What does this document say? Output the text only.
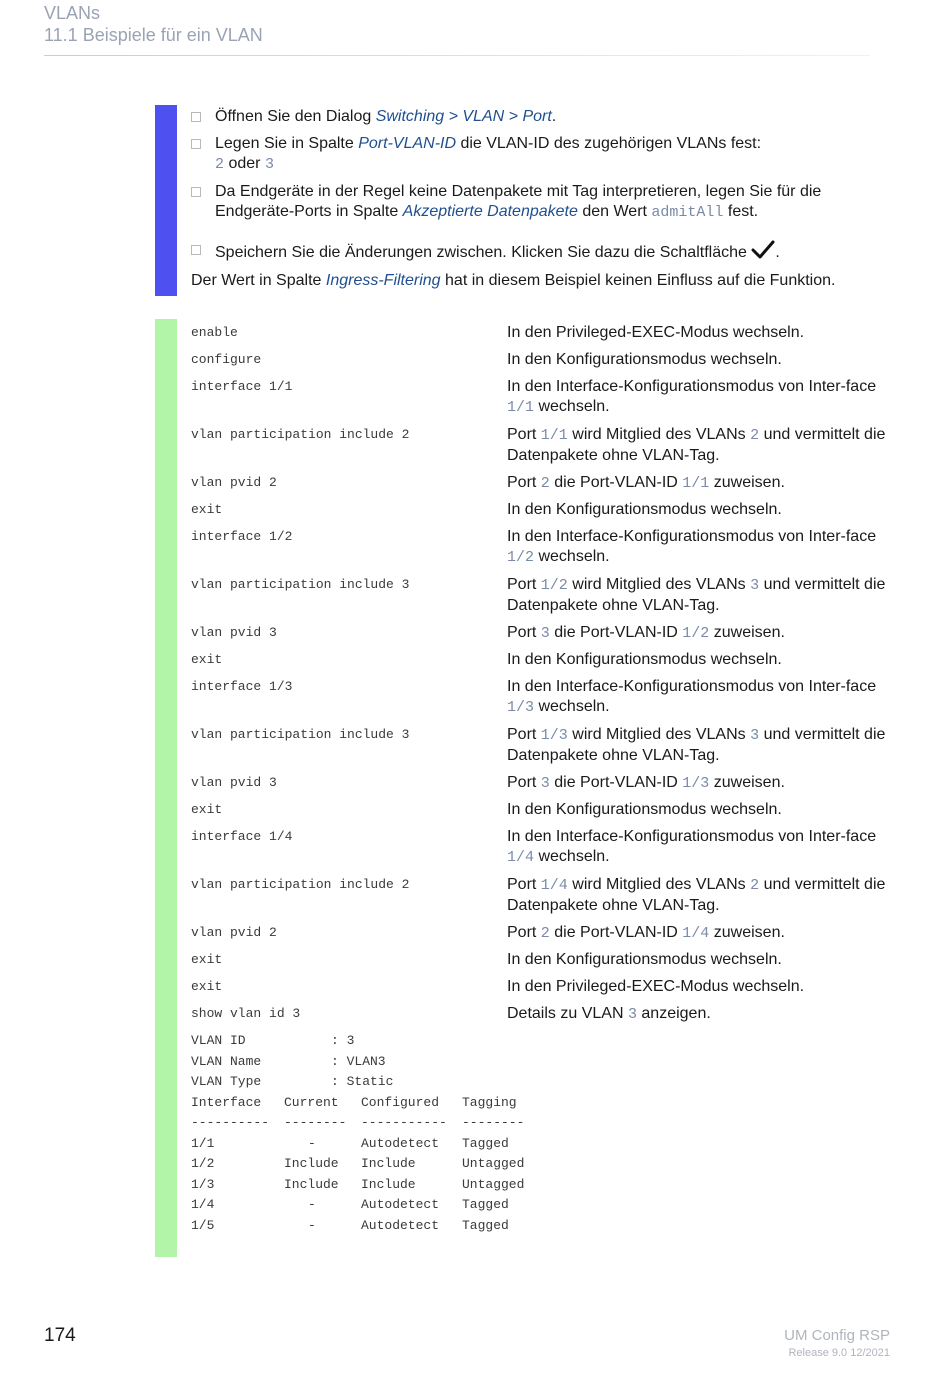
VLANs
11.1 Beispiele für ein VLAN
Öffnen Sie den Dialog Switching > VLAN > Port.
Legen Sie in Spalte Port-VLAN-ID die VLAN-ID des zugehörigen VLANs fest:
2 oder 3
Da Endgeräte in der Regel keine Datenpakete mit Tag interpretieren, legen Sie für die Endgeräte-Ports in Spalte Akzeptierte Datenpakete den Wert admitAll fest.
Speichern Sie die Änderungen zwischen. Klicken Sie dazu die Schaltfläche .
Der Wert in Spalte Ingress-Filtering hat in diesem Beispiel keinen Einfluss auf die Funktion.
enable	In den Privileged-EXEC-Modus wechseln.
configure	In den Konfigurationsmodus wechseln.
interface 1/1	In den Interface-Konfigurationsmodus von Inter-face 1/1 wechseln.
vlan participation include 2	Port 1/1 wird Mitglied des VLANs 2 und vermittelt die Datenpakete ohne VLAN-Tag.
vlan pvid 2	Port 2 die Port-VLAN-ID 1/1 zuweisen.
exit	In den Konfigurationsmodus wechseln.
interface 1/2	In den Interface-Konfigurationsmodus von Inter-face 1/2 wechseln.
vlan participation include 3	Port 1/2 wird Mitglied des VLANs 3 und vermittelt die Datenpakete ohne VLAN-Tag.
vlan pvid 3	Port 3 die Port-VLAN-ID 1/2 zuweisen.
exit	In den Konfigurationsmodus wechseln.
interface 1/3	In den Interface-Konfigurationsmodus von Inter-face 1/3 wechseln.
vlan participation include 3	Port 1/3 wird Mitglied des VLANs 3 und vermittelt die Datenpakete ohne VLAN-Tag.
vlan pvid 3	Port 3 die Port-VLAN-ID 1/3 zuweisen.
exit	In den Konfigurationsmodus wechseln.
interface 1/4	In den Interface-Konfigurationsmodus von Inter-face 1/4 wechseln.
vlan participation include 2	Port 1/4 wird Mitglied des VLANs 2 und vermittelt die Datenpakete ohne VLAN-Tag.
vlan pvid 2	Port 2 die Port-VLAN-ID 1/4 zuweisen.
exit	In den Konfigurationsmodus wechseln.
exit	In den Privileged-EXEC-Modus wechseln.
show vlan id 3	Details zu VLAN 3 anzeigen.
VLAN ID	: 3
VLAN Name	: VLAN3
VLAN Type	: Static
Interface Current Configured Tagging
---------- -------- ----------- --------
1/1	-	Autodetect Tagged
1/2	Include Include	Untagged
1/3	Include Include	Untagged
1/4	-	Autodetect Tagged
1/5	-	Autodetect Tagged
174	UM Config RSP
Release 9.0 12/2021
